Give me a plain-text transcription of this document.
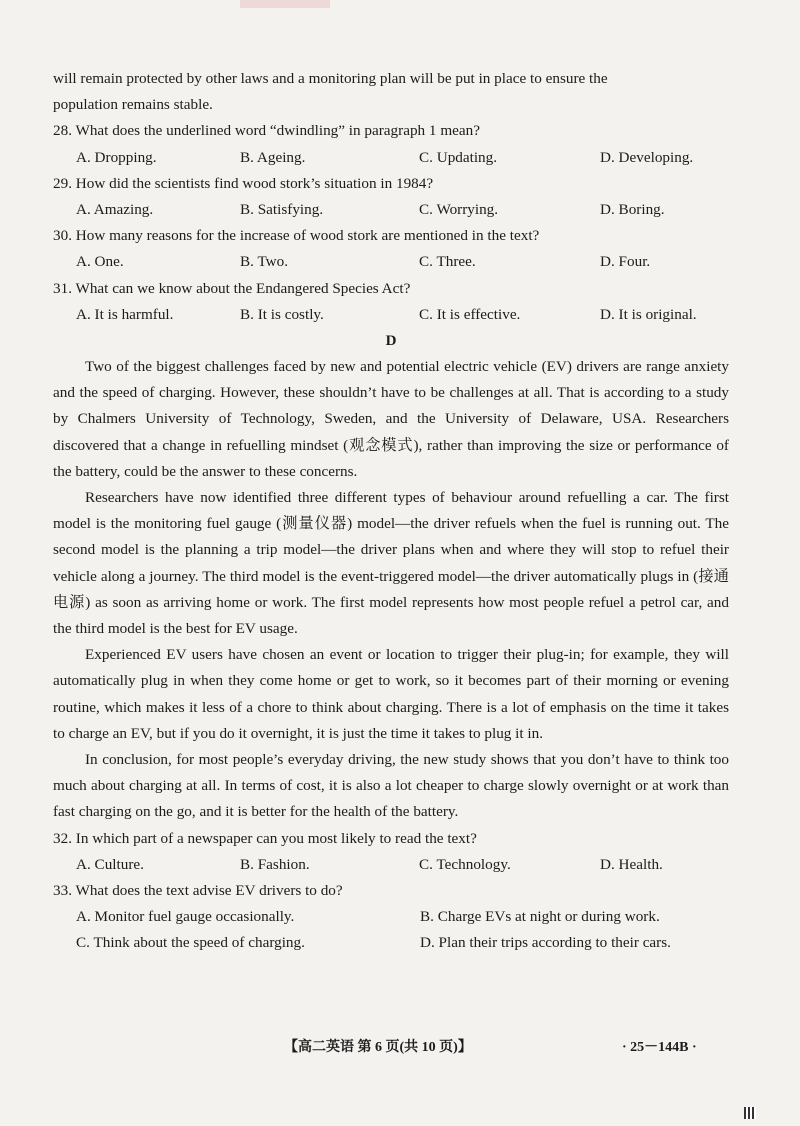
will remain protected by other laws and a monitoring plan will be put in place to ensure the

population remains stable.

28. What does the underlined word “dwindling” in paragraph 1 mean?

A. Dropping.	B. Ageing.	C. Updating.	D. Developing.

29. How did the scientists find wood stork’s situation in 1984?

A. Amazing.	B. Satisfying.	C. Worrying.	D. Boring.

30. How many reasons for the increase of wood stork are mentioned in the text?

A. One.	B. Two.	C. Three.	D. Four.

31. What can we know about the Endangered Species Act?

A. It is harmful.	B. It is costly.	C. It is effective.	D. It is original.

D

Two of the biggest challenges faced by new and potential electric vehicle (EV) drivers are range anxiety and the speed of charging. However, these shouldn’t have to be challenges at all. That is according to a study by Chalmers University of Technology, Sweden, and the University of Delaware, USA. Researchers discovered that a change in refuelling mindset (观念模式), rather than improving the size or performance of the battery, could be the answer to these concerns.

Researchers have now identified three different types of behaviour around refuelling a car. The first model is the monitoring fuel gauge (测量仪器) model—the driver refuels when the fuel is running out. The second model is the planning a trip model—the driver plans when and where they will stop to refuel their vehicle along a journey. The third model is the event-triggered model—the driver automatically plugs in (接通电源) as soon as arriving home or work. The first model represents how most people refuel a petrol car, and the third model is the best for EV usage.

Experienced EV users have chosen an event or location to trigger their plug-in; for example, they will automatically plug in when they come home or get to work, so it becomes part of their morning or evening routine, which makes it less of a chore to think about charging. There is a lot of emphasis on the time it takes to charge an EV, but if you do it overnight, it is just the time it takes to plug it in.

In conclusion, for most people’s everyday driving, the new study shows that you don’t have to think too much about charging at all. In terms of cost, it is also a lot cheaper to charge slowly overnight or at work than fast charging on the go, and it is better for the health of the battery.

32. In which part of a newspaper can you most likely to read the text?

A. Culture.	B. Fashion.	C. Technology.	D. Health.

33. What does the text advise EV drivers to do?

A. Monitor fuel gauge occasionally.	B. Charge EVs at night or during work.
C. Think about the speed of charging.	D. Plan their trips according to their cars.
【高二英语 第 6 页(共 10 页)】	· 25－144B ·
